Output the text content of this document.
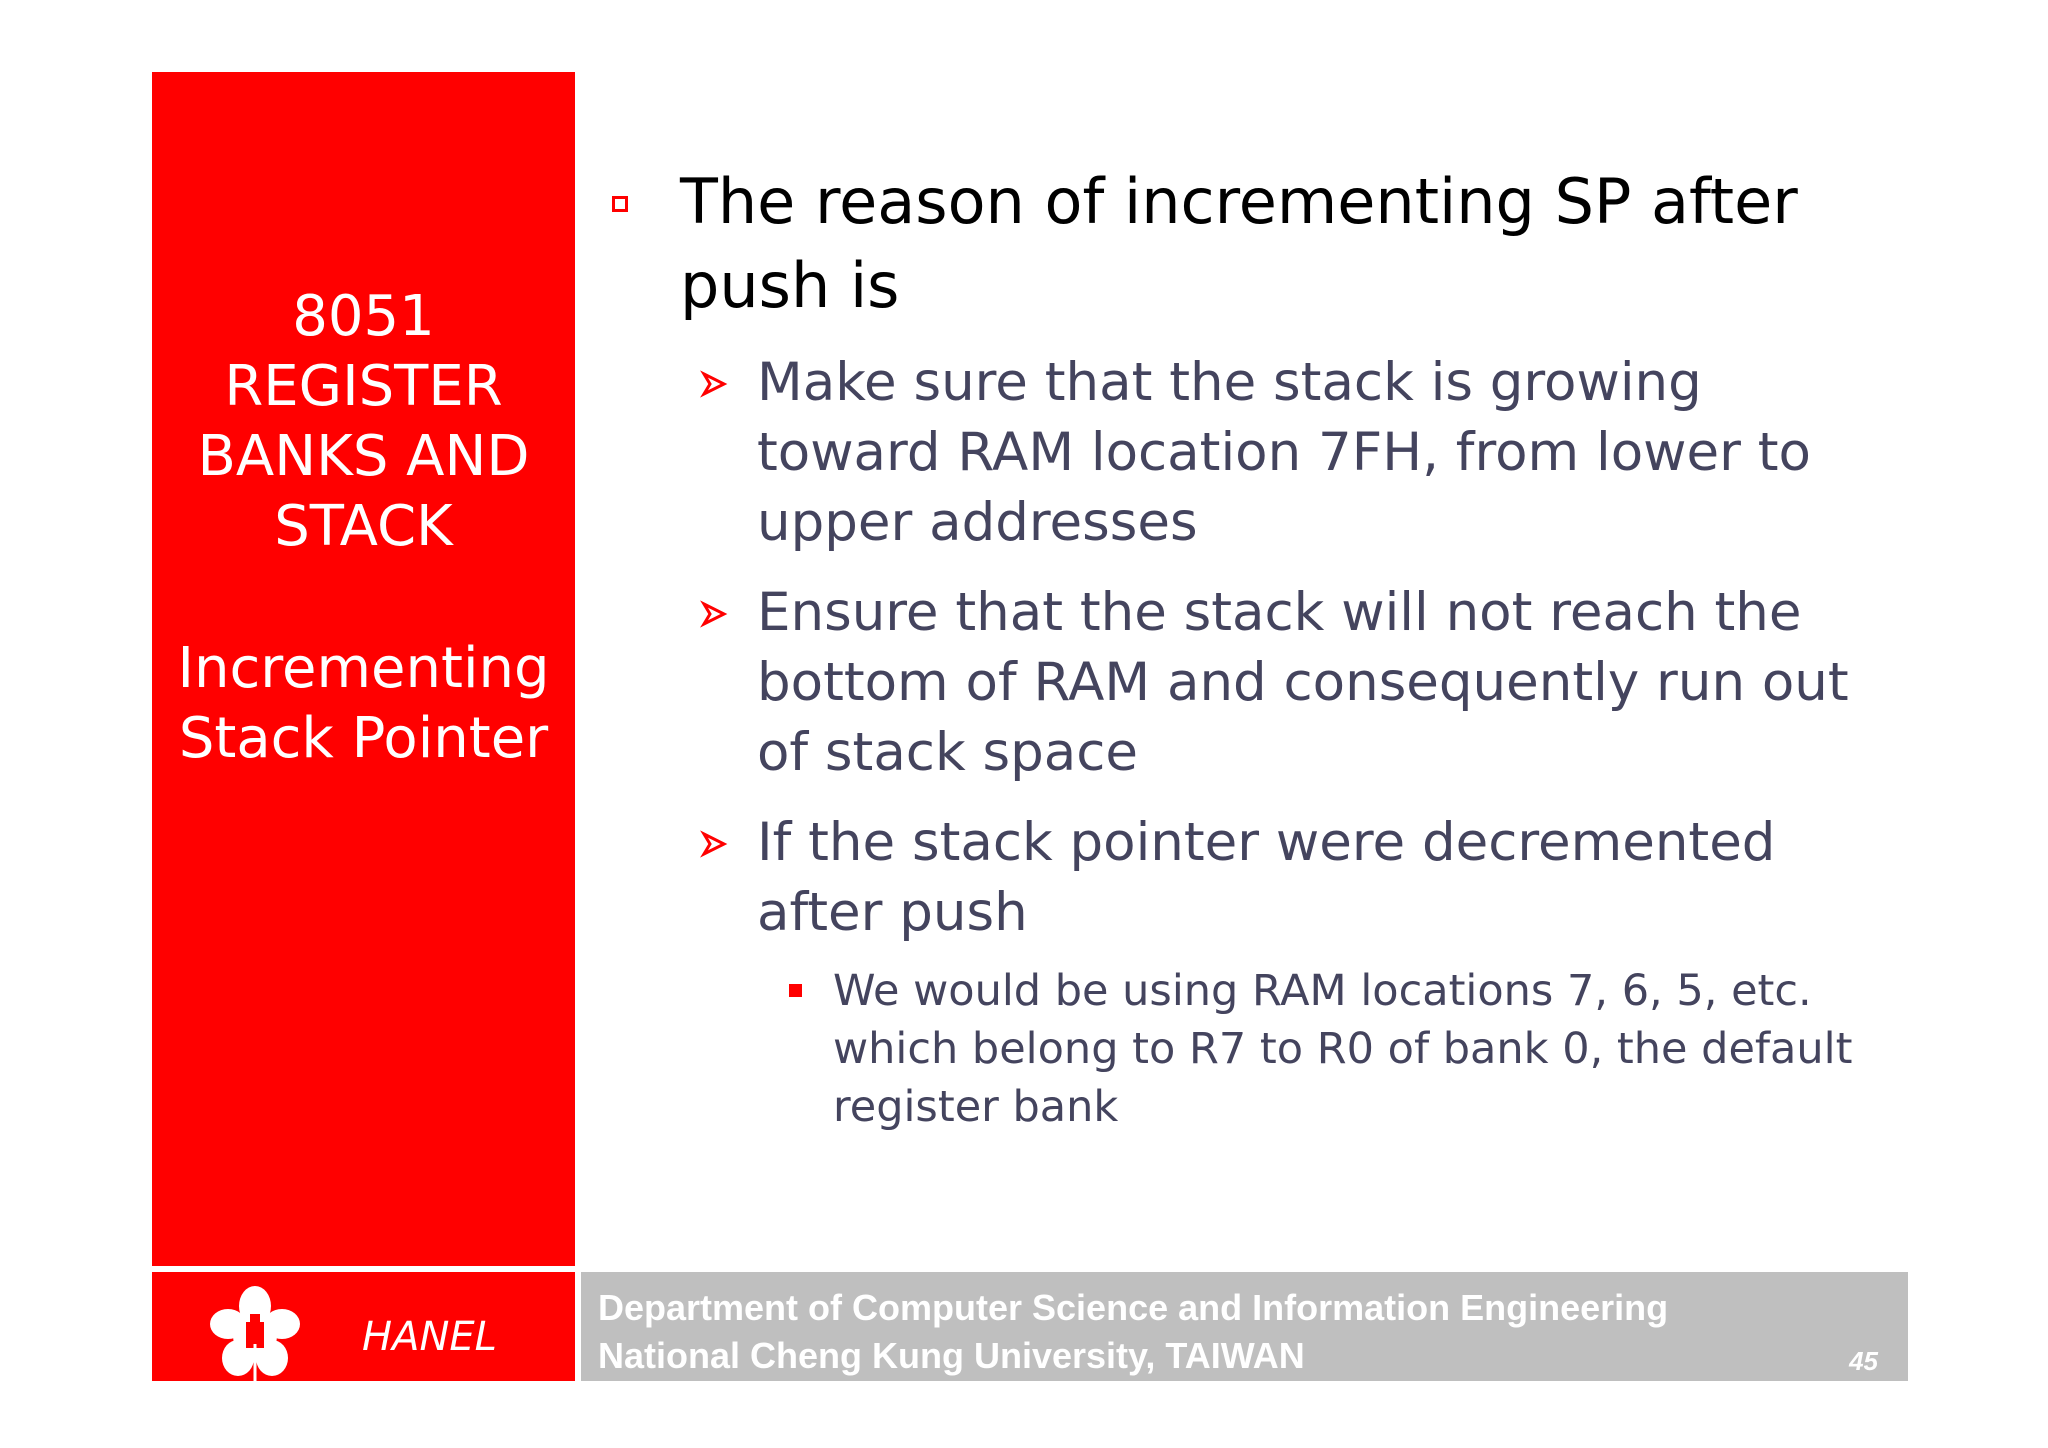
8051
REGISTER
BANKS AND
STACK
Incrementing
Stack Pointer
The reason of incrementing SP after
push is
Make sure that the stack is growing
toward RAM location 7FH, from lower to
upper addresses
Ensure that the stack will not reach the
bottom of RAM and consequently run out
of stack space
If the stack pointer were decremented
after push
We would be using RAM locations 7, 6, 5, etc.
which belong to R7 to R0 of bank 0, the default
register bank
HANEL
Department of Computer Science and Information Engineering
National Cheng Kung University, TAIWAN	45
